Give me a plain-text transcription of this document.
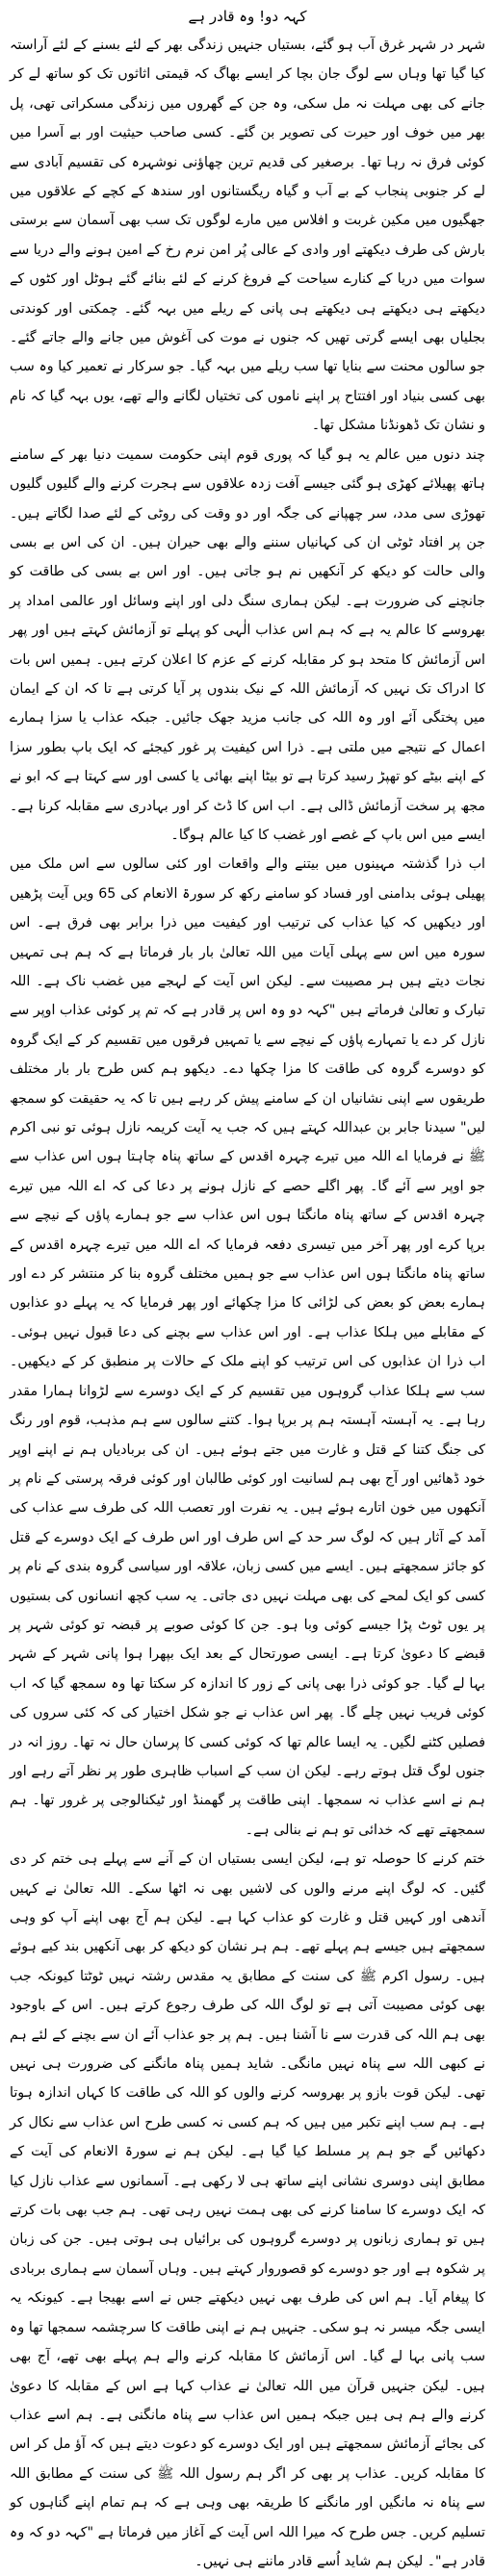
کہہ دو! وہ قادر ہے

شہر در شہر غرق آب ہو گئے، بستیاں جنہیں زندگی بھر کے لئے بسنے کے لئے آراستہ کیا گیا تھا وہاں سے لوگ جان بچا کر ایسے بھاگ کہ قیمتی اثاثوں تک کو ساتھ لے کر جانے کی بھی مہلت نہ مل سکی، وہ جن کے گھروں میں زندگی مسکراتی تھی، پل بھر میں خوف اور حیرت کی تصویر بن گئے۔ کسی صاحب حیثیت اور بے آسرا میں کوئی فرق نہ رہا تھا۔ برصغیر کی قدیم ترین چھاؤنی نوشہرہ کی تقسیم آبادی سے لے کر جنوبی پنجاب کے بے آب و گیاہ ریگستانوں اور سندھ کے کچے کے علاقوں میں جھگیوں میں مکین غربت و افلاس میں مارے لوگوں تک سب بھی آسمان سے برستی بارش کی طرف دیکھتے اور وادی کے عالی پُر امن نرم رخ کے امین ہونے والے دریا سے سوات میں دریا کے کنارے سیاحت کے فروغ کرنے کے لئے بنائے گئے ہوٹل اور کٹوں کے دیکھتے ہی دیکھتے ہی دیکھتے ہی پانی کے ریلے میں بہہ گئے۔ چمکتی اور کوندتی بجلیاں بھی ایسے گرتی تھیں کہ جنوں نے موت کی آغوش میں جانے والے جاتے گئے۔ جو سالوں محنت سے بنایا تھا سب ریلے میں بہہ گیا۔ جو سرکار نے تعمیر کیا وہ سب بھی کسی بنیاد اور افتتاح پر اپنے ناموں کی تختیاں لگانے والے تھے، یوں بہہ گیا کہ نام و نشان تک ڈھونڈنا مشکل تھا۔

چند دنوں میں عالم یہ ہو گیا کہ پوری قوم اپنی حکومت سمیت دنیا بھر کے سامنے ہاتھ پھیلائے کھڑی ہو گئی جیسے آفت زدہ علاقوں سے ہجرت کرنے والے گلیوں گلیوں تھوڑی سی مدد، سر چھپانے کی جگہ اور دو وقت کی روٹی کے لئے صدا لگاتے ہیں۔ جن پر افتاد ٹوٹی ان کی کہانیاں سننے والے بھی حیران ہیں۔ ان کی اس بے بسی والی حالت کو دیکھ کر آنکھیں نم ہو جاتی ہیں۔ اور اس بے بسی کی طاقت کو جانچنے کی ضرورت ہے۔ لیکن ہماری سنگ دلی اور اپنے وسائل اور عالمی امداد پر بھروسے کا عالم یہ ہے کہ ہم اس عذاب الٰہی کو پہلے تو آزمائش کہتے ہیں اور پھر اس آزمائش کا متحد ہو کر مقابلہ کرنے کے عزم کا اعلان کرتے ہیں۔ ہمیں اس بات کا ادراک تک نہیں کہ آزمائش اللہ کے نیک بندوں پر آیا کرتی ہے تا کہ ان کے ایمان میں پختگی آئے اور وہ اللہ کی جانب مزید جھک جائیں۔ جبکہ عذاب یا سزا ہمارے اعمال کے نتیجے میں ملتی ہے۔ ذرا اس کیفیت پر غور کیجئے کہ ایک باپ بطور سزا کے اپنے بیٹے کو تھپڑ رسید کرتا ہے تو بیٹا اپنے بھائی یا کسی اور سے کہتا ہے کہ ابو نے مجھ پر سخت آزمائش ڈالی ہے۔ اب اس کا ڈٹ کر اور بہادری سے مقابلہ کرنا ہے۔ ایسے میں اس باپ کے غصے اور غضب کا کیا عالم ہوگا۔

اب ذرا گذشتہ مہینوں میں بیتنے والے واقعات اور کئی سالوں سے اس ملک میں پھیلی ہوئی بدامنی اور فساد کو سامنے رکھ کر سورۃ الانعام کی 65 ویں آیت پڑھیں اور دیکھیں کہ کیا عذاب کی ترتیب اور کیفیت میں ذرا برابر بھی فرق ہے۔ اس سورہ میں اس سے پہلی آیات میں اللہ تعالیٰ بار بار فرماتا ہے کہ ہم ہی تمہیں نجات دیتے ہیں ہر مصیبت سے۔ لیکن اس آیت کے لہجے میں غضب ناک ہے۔ اللہ تبارک و تعالیٰ فرماتے ہیں "کہہ دو وہ اس پر قادر ہے کہ تم پر کوئی عذاب اوپر سے نازل کر دے یا تمہارے پاؤں کے نیچے سے یا تمہیں فرقوں میں تقسیم کر کے ایک گروہ کو دوسرے گروہ کی طاقت کا مزا چکھا دے۔ دیکھو ہم کس طرح بار بار مختلف طریقوں سے اپنی نشانیاں ان کے سامنے پیش کر رہے ہیں تا کہ یہ حقیقت کو سمجھ لیں" سیدنا جابر بن عبداللہ کہتے ہیں کہ جب یہ آیت کریمہ نازل ہوئی تو نبی اکرم ﷺ نے فرمایا اے اللہ میں تیرے چہرہ اقدس کے ساتھ پناہ چاہتا ہوں اس عذاب سے جو اوپر سے آئے گا۔ پھر اگلے حصے کے نازل ہونے پر دعا کی کہ اے اللہ میں تیرے چہرہ اقدس کے ساتھ پناہ مانگتا ہوں اس عذاب سے جو ہمارے پاؤں کے نیچے سے برپا کرے اور پھر آخر میں تیسری دفعہ فرمایا کہ اے اللہ میں تیرے چہرہ اقدس کے ساتھ پناہ مانگتا ہوں اس عذاب سے جو ہمیں مختلف گروہ بنا کر منتشر کر دے اور ہمارے بعض کو بعض کی لڑائی کا مزا چکھائے اور پھر فرمایا کہ یہ پہلے دو عذابوں کے مقابلے میں ہلکا عذاب ہے۔ اور اس عذاب سے بچنے کی دعا قبول نہیں ہوئی۔ اب ذرا ان عذابوں کی اس ترتیب کو اپنے ملک کے حالات پر منطبق کر کے دیکھیں۔ سب سے ہلکا عذاب گروہوں میں تقسیم کر کے ایک دوسرے سے لڑوانا ہمارا مقدر رہا ہے۔ یہ آہستہ آہستہ ہم پر برپا ہوا۔ کتنے سالوں سے ہم مذہب، قوم اور رنگ کی جنگ کتنا کے قتل و غارت میں جتے ہوئے ہیں۔ ان کی بربادیاں ہم نے اپنے اوپر خود ڈھائیں اور آج بھی ہم لسانیت اور کوئی طالبان اور کوئی فرقہ پرستی کے نام پر آنکھوں میں خون اتارے ہوئے ہیں۔ یہ نفرت اور تعصب اللہ کی طرف سے عذاب کی آمد کے آثار ہیں کہ لوگ سر حد کے اس طرف اور اس طرف کے ایک دوسرے کے قتل کو جائز سمجھتے ہیں۔ ایسے میں کسی زبان، علاقہ اور سیاسی گروہ بندی کے نام پر کسی کو ایک لمحے کی بھی مہلت نہیں دی جاتی۔ یہ سب کچھ انسانوں کی بستیوں پر یوں ٹوٹ پڑا جیسے کوئی وبا ہو۔ جن کا کوئی صوبے پر قبضہ تو کوئی شہر پر قبضے کا دعویٰ کرتا ہے۔ ایسی صورتحال کے بعد ایک بپھرا ہوا پانی شہر کے شہر بہا لے گیا۔ جو کوئی ذرا بھی پانی کے زور کا اندازہ کر سکتا تھا وہ سمجھ گیا کہ اب کوئی فریب نہیں چلے گا۔ پھر اس عذاب نے جو شکل اختیار کی کہ کئی سروں کی فصلیں کٹنے لگیں۔ یہ ایسا عالم تھا کہ کوئی کسی کا پرسان حال نہ تھا۔ روز انہ در جنوں لوگ قتل ہوتے رہے۔ لیکن ان سب کے اسباب ظاہری طور پر نظر آتے رہے اور ہم نے اسے عذاب نہ سمجھا۔ اپنی طاقت پر گھمنڈ اور ٹیکنالوجی پر غرور تھا۔ ہم سمجھتے تھے کہ خدائی تو ہم نے بنالی ہے۔

ختم کرنے کا حوصلہ تو ہے، لیکن ایسی بستیاں ان کے آنے سے پہلے ہی ختم کر دی گئیں۔ کہ لوگ اپنے مرنے والوں کی لاشیں بھی نہ اٹھا سکے۔ اللہ تعالیٰ نے کہیں آندھی اور کہیں قتل و غارت کو عذاب کہا ہے۔ لیکن ہم آج بھی اپنے آپ کو وہی سمجھتے ہیں جیسے ہم پہلے تھے۔ ہم ہر نشان کو دیکھ کر بھی آنکھیں بند کیے ہوئے ہیں۔ رسول اکرم ﷺ کی سنت کے مطابق یہ مقدس رشتہ نہیں ٹوٹتا کیونکہ جب بھی کوئی مصیبت آتی ہے تو لوگ اللہ کی طرف رجوع کرتے ہیں۔ اس کے باوجود بھی ہم اللہ کی قدرت سے نا آشنا ہیں۔ ہم پر جو عذاب آئے ان سے بچنے کے لئے ہم نے کبھی اللہ سے پناہ نہیں مانگی۔ شاید ہمیں پناہ مانگنے کی ضرورت ہی نہیں تھی۔ لیکن قوت بازو پر بھروسہ کرنے والوں کو اللہ کی طاقت کا کہاں اندازہ ہوتا ہے۔ ہم سب اپنے تکبر میں ہیں کہ ہم کسی نہ کسی طرح اس عذاب سے نکال کر دکھائیں گے جو ہم پر مسلط کیا گیا ہے۔ لیکن ہم نے سورۃ الانعام کی آیت کے مطابق اپنی دوسری نشانی اپنے ساتھ ہی لا رکھی ہے۔ آسمانوں سے عذاب نازل کیا کہ ایک دوسرے کا سامنا کرنے کی بھی ہمت نہیں رہی تھی۔ ہم جب بھی بات کرتے ہیں تو ہماری زبانوں پر دوسرے گروہوں کی برائیاں ہی ہوتی ہیں۔ جن کی زبان پر شکوہ ہے اور جو دوسرے کو قصوروار کہتے ہیں۔ وہاں آسمان سے ہماری بربادی کا پیغام آیا۔ ہم اس کی طرف بھی نہیں دیکھتے جس نے اسے بھیجا ہے۔ کیونکہ یہ ایسی جگہ میسر نہ ہو سکی۔ جنہیں ہم نے اپنی طاقت کا سرچشمہ سمجھا تھا وہ سب پانی بہا لے گیا۔ اس آزمائش کا مقابلہ کرنے والے ہم پہلے بھی تھے، آج بھی ہیں۔ لیکن جنہیں قرآن میں اللہ تعالیٰ نے عذاب کہا ہے اس کے مقابلہ کا دعویٰ کرنے والے ہم ہی ہیں جبکہ ہمیں اس عذاب سے پناہ مانگنی ہے۔ ہم اسے عذاب کی بجائے آزمائش سمجھتے ہیں اور ایک دوسرے کو دعوت دیتے ہیں کہ آؤ مل کر اس کا مقابلہ کریں۔ عذاب پر بھی کر اگر ہم رسول اللہ ﷺ کی سنت کے مطابق اللہ سے پناہ نہ مانگیں اور مانگنے کا طریقہ بھی وہی ہے کہ ہم تمام اپنے گناہوں کو تسلیم کریں۔ جس طرح کہ میرا اللہ اس آیت کے آغاز میں فرماتا ہے "کہہ دو کہ وہ قادر ہے"۔ لیکن ہم شاید اُسے قادر ماننے ہی نہیں۔
